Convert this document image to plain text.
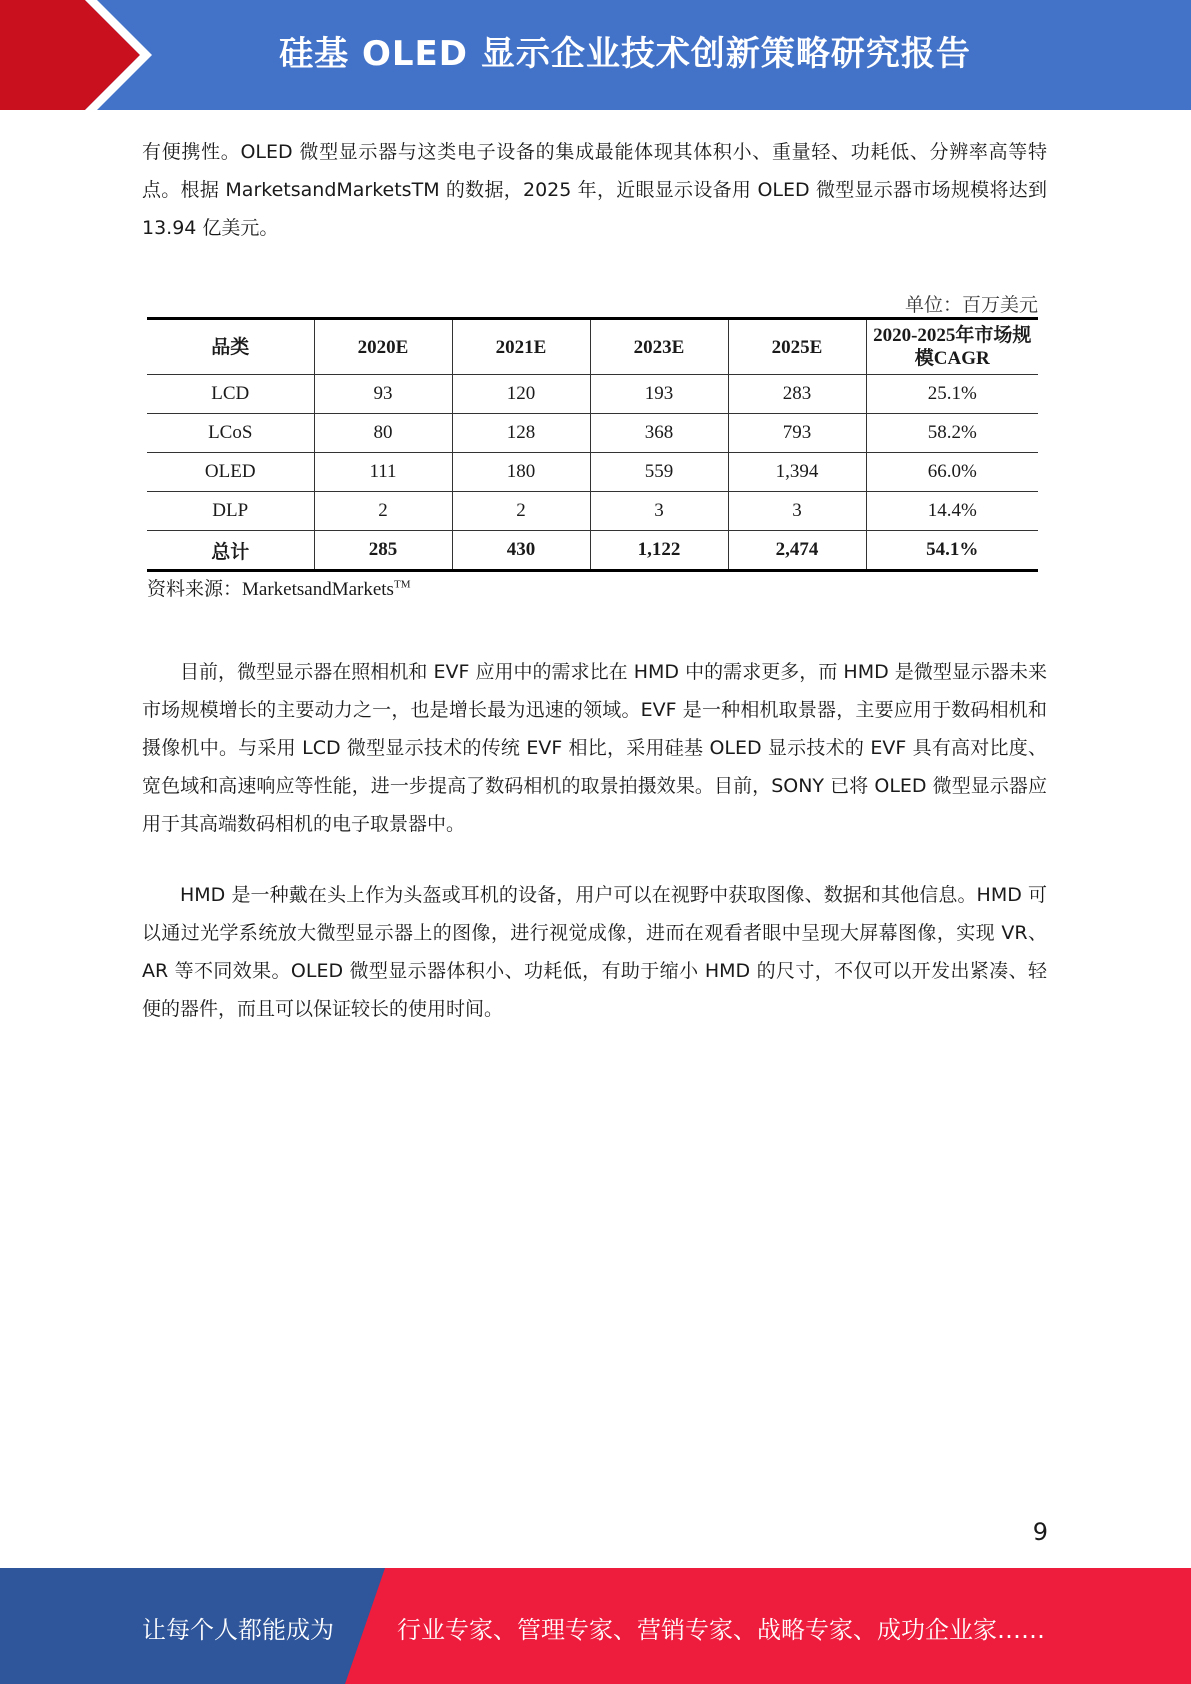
硅基 OLED 显示企业技术创新策略研究报告

有便携性。OLED 微型显示器与这类电子设备的集成最能体现其体积小、重量轻、功耗低、分辨率高等特点。根据 MarketsandMarketsTM 的数据，2025 年，近眼显示设备用 OLED 微型显示器市场规模将达到 13.94 亿美元。

单位：百万美元
品类	2020E	2021E	2023E	2025E	2020-2025年市场规模CAGR
LCD	93	120	193	283	25.1%
LCoS	80	128	368	793	58.2%
OLED	111	180	559	1,394	66.0%
DLP	2	2	3	3	14.4%
总计	285	430	1,122	2,474	54.1%
资料来源：MarketsandMarkets™

目前，微型显示器在照相机和 EVF 应用中的需求比在 HMD 中的需求更多，而 HMD 是微型显示器未来市场规模增长的主要动力之一，也是增长最为迅速的领域。EVF 是一种相机取景器，主要应用于数码相机和摄像机中。与采用 LCD 微型显示技术的传统 EVF 相比，采用硅基 OLED 显示技术的 EVF 具有高对比度、宽色域和高速响应等性能，进一步提高了数码相机的取景拍摄效果。目前，SONY 已将 OLED 微型显示器应用于其高端数码相机的电子取景器中。

HMD 是一种戴在头上作为头盔或耳机的设备，用户可以在视野中获取图像、数据和其他信息。HMD 可以通过光学系统放大微型显示器上的图像，进行视觉成像，进而在观看者眼中呈现大屏幕图像，实现 VR、AR 等不同效果。OLED 微型显示器体积小、功耗低，有助于缩小 HMD 的尺寸，不仅可以开发出紧凑、轻便的器件，而且可以保证较长的使用时间。

9
让每个人都能成为	行业专家、管理专家、营销专家、战略专家、成功企业家……
